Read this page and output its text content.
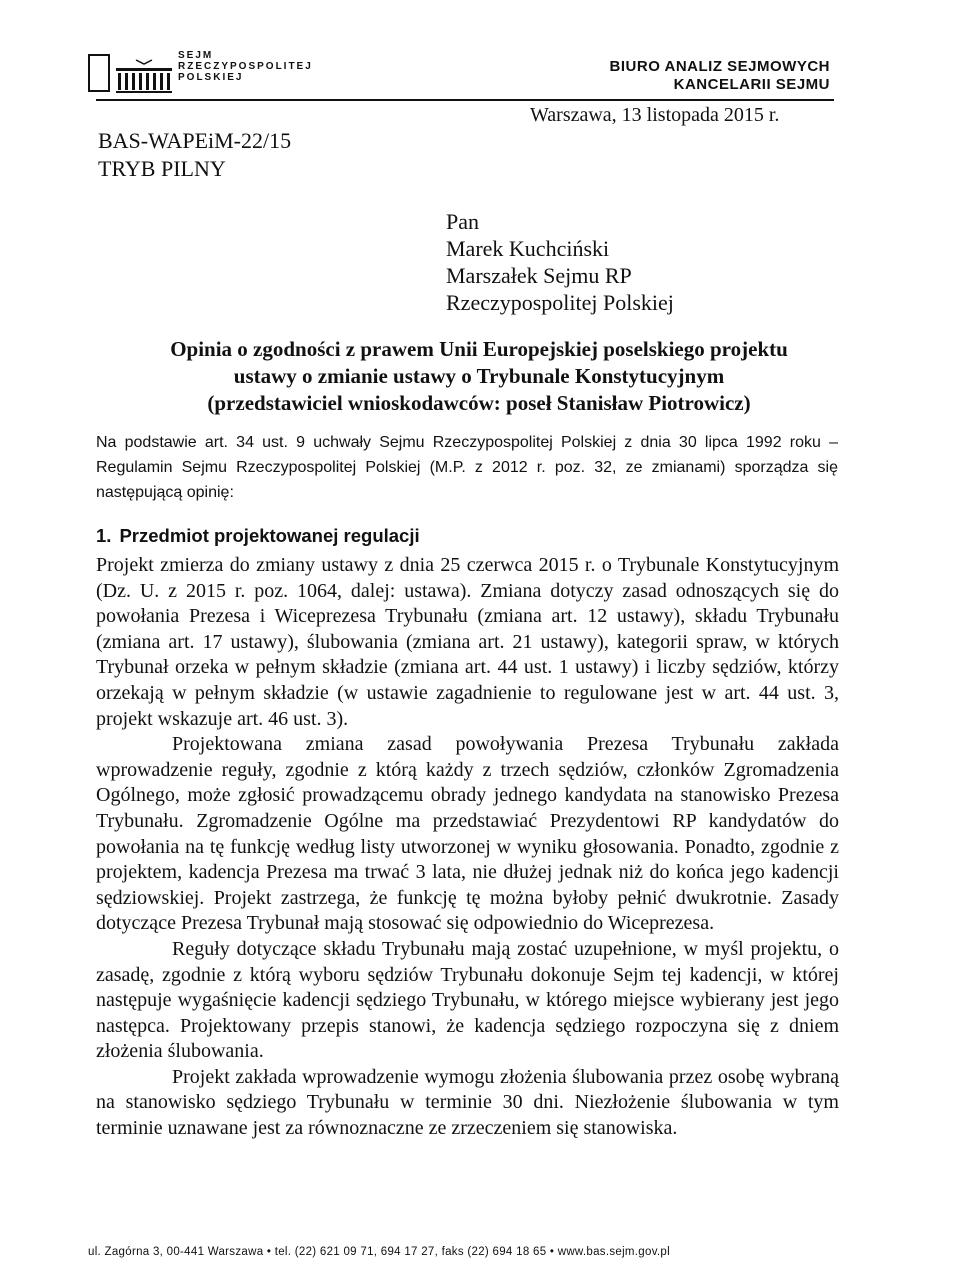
SEJM
RZECZYPOSPOLITEJ
POLSKIEJ
BIURO ANALIZ SEJMOWYCH
KANCELARII SEJMU
Warszawa, 13 listopada 2015 r.
BAS-WAPEiM-22/15
TRYB PILNY
Pan
Marek Kuchciński
Marszałek Sejmu RP
Rzeczypospolitej Polskiej
Opinia o zgodności z prawem Unii Europejskiej poselskiego projektu
ustawy o zmianie ustawy o Trybunale Konstytucyjnym
(przedstawiciel wnioskodawców: poseł Stanisław Piotrowicz)
Na podstawie art. 34 ust. 9 uchwały Sejmu Rzeczypospolitej Polskiej z dnia 30 lipca 1992 roku – Regulamin Sejmu Rzeczypospolitej Polskiej (M.P. z 2012 r. poz. 32, ze zmianami) sporządza się następującą opinię:
1. Przedmiot projektowanej regulacji

Projekt zmierza do zmiany ustawy z dnia 25 czerwca 2015 r. o Trybunale Konstytucyjnym (Dz. U. z 2015 r. poz. 1064, dalej: ustawa). Zmiana dotyczy zasad odnoszących się do powołania Prezesa i Wiceprezesa Trybunału (zmiana art. 12 ustawy), składu Trybunału (zmiana art. 17 ustawy), ślubowania (zmiana art. 21 ustawy), kategorii spraw, w których Trybunał orzeka w pełnym składzie (zmiana art. 44 ust. 1 ustawy) i liczby sędziów, którzy orzekają w pełnym składzie (w ustawie zagadnienie to regulowane jest w art. 44 ust. 3, projekt wskazuje art. 46 ust. 3).

Projektowana zmiana zasad powoływania Prezesa Trybunału zakłada wprowadzenie reguły, zgodnie z którą każdy z trzech sędziów, członków Zgromadzenia Ogólnego, może zgłosić prowadzącemu obrady jednego kandydata na stanowisko Prezesa Trybunału. Zgromadzenie Ogólne ma przedstawiać Prezydentowi RP kandydatów do powołania na tę funkcję według listy utworzonej w wyniku głosowania. Ponadto, zgodnie z projektem, kadencja Prezesa ma trwać 3 lata, nie dłużej jednak niż do końca jego kadencji sędziowskiej. Projekt zastrzega, że funkcję tę można byłoby pełnić dwukrotnie. Zasady dotyczące Prezesa Trybunał mają stosować się odpowiednio do Wiceprezesa.

Reguły dotyczące składu Trybunału mają zostać uzupełnione, w myśl projektu, o zasadę, zgodnie z którą wyboru sędziów Trybunału dokonuje Sejm tej kadencji, w której następuje wygaśnięcie kadencji sędziego Trybunału, w którego miejsce wybierany jest jego następca. Projektowany przepis stanowi, że kadencja sędziego rozpoczyna się z dniem złożenia ślubowania.

Projekt zakłada wprowadzenie wymogu złożenia ślubowania przez osobę wybraną na stanowisko sędziego Trybunału w terminie 30 dni. Niezłożenie ślubowania w tym terminie uznawane jest za równoznaczne ze zrzeczeniem się stanowiska.

ul. Zagórna 3, 00-441 Warszawa • tel. (22) 621 09 71, 694 17 27, faks (22) 694 18 65 • www.bas.sejm.gov.pl
